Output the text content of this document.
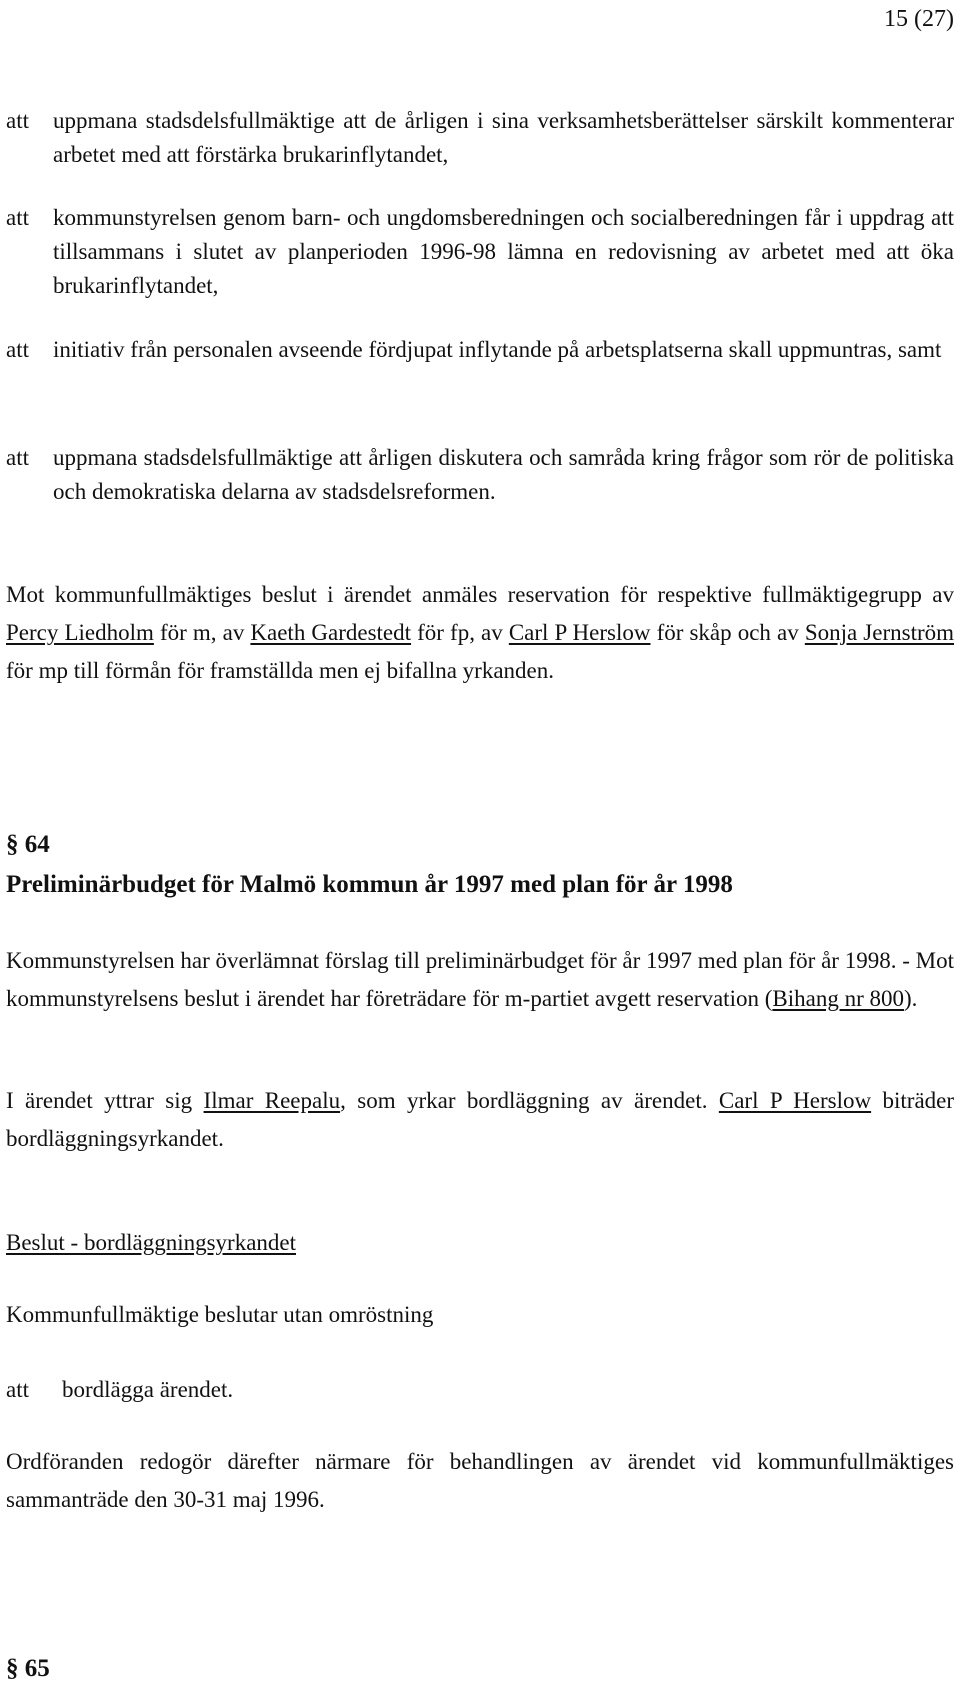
15 (27)
att uppmana stadsdelsfullmäktige att de årligen i sina verksamhetsberättelser särskilt kommenterar arbetet med att förstärka brukarinflytandet,
att kommunstyrelsen genom barn- och ungdomsberedningen och socialberedningen får i uppdrag att tillsammans i slutet av planperioden 1996-98 lämna en redovisning av arbetet med att öka brukarinflytandet,
att initiativ från personalen avseende fördjupat inflytande på arbetsplatserna skall uppmuntras, samt
att uppmana stadsdelsfullmäktige att årligen diskutera och samråda kring frågor som rör de politiska och demokratiska delarna av stadsdelsreformen.
Mot kommunfullmäktiges beslut i ärendet anmäles reservation för respektive fullmäktigegrupp av Percy Liedholm för m, av Kaeth Gardestedt för fp, av Carl P Herslow för skåp och av Sonja Jernström för mp till förmån för framställda men ej bifallna yrkanden.
§ 64
Preliminärbudget för Malmö kommun år 1997 med plan för år 1998
Kommunstyrelsen har överlämnat förslag till preliminärbudget för år 1997 med plan för år 1998. - Mot kommunstyrelsens beslut i ärendet har företrädare för m-partiet avgett reservation (Bihang nr 800).
I ärendet yttrar sig Ilmar Reepalu, som yrkar bordläggning av ärendet. Carl P Herslow biträder bordläggningsyrkandet.
Beslut - bordläggningsyrkandet
Kommunfullmäktige beslutar utan omröstning
att bordlägga ärendet.
Ordföranden redogör därefter närmare för behandlingen av ärendet vid kommunfullmäktiges sammanträde den 30-31 maj 1996.
§ 65
